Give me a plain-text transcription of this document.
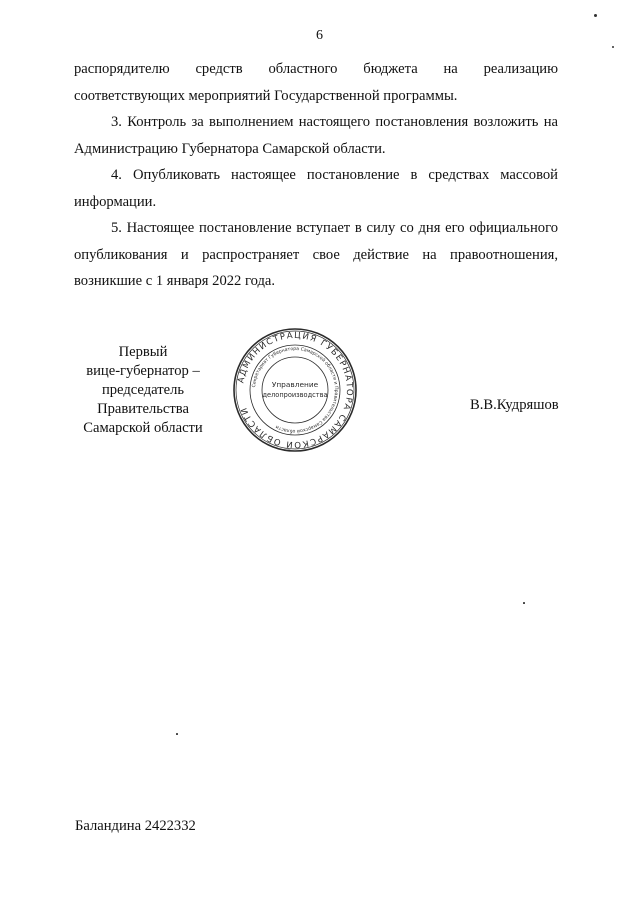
6

распорядителю средств областного бюджета на реализацию

соответствующих мероприятий Государственной программы.

3. Контроль за выполнением настоящего постановления возложить на Администрацию Губернатора Самарской области.

4. Опубликовать настоящее постановление в средствах массовой информации.

5. Настоящее постановление вступает в силу со дня его официального опубликования и распространяет свое действие на правоотношения, возникшие с 1 января 2022 года.

Первый
вице-губернатор –
председатель Правительства
Самарской области
АДМИНИСТРАЦИЯ ГУБЕРНАТОРА САМАРСКОЙ ОБЛАСТИ
Секретариат Губернатора Самарской области и Правительства Самарской области
Управление
делопроизводства
В.В.Кудряшов
Баландина 2422332
